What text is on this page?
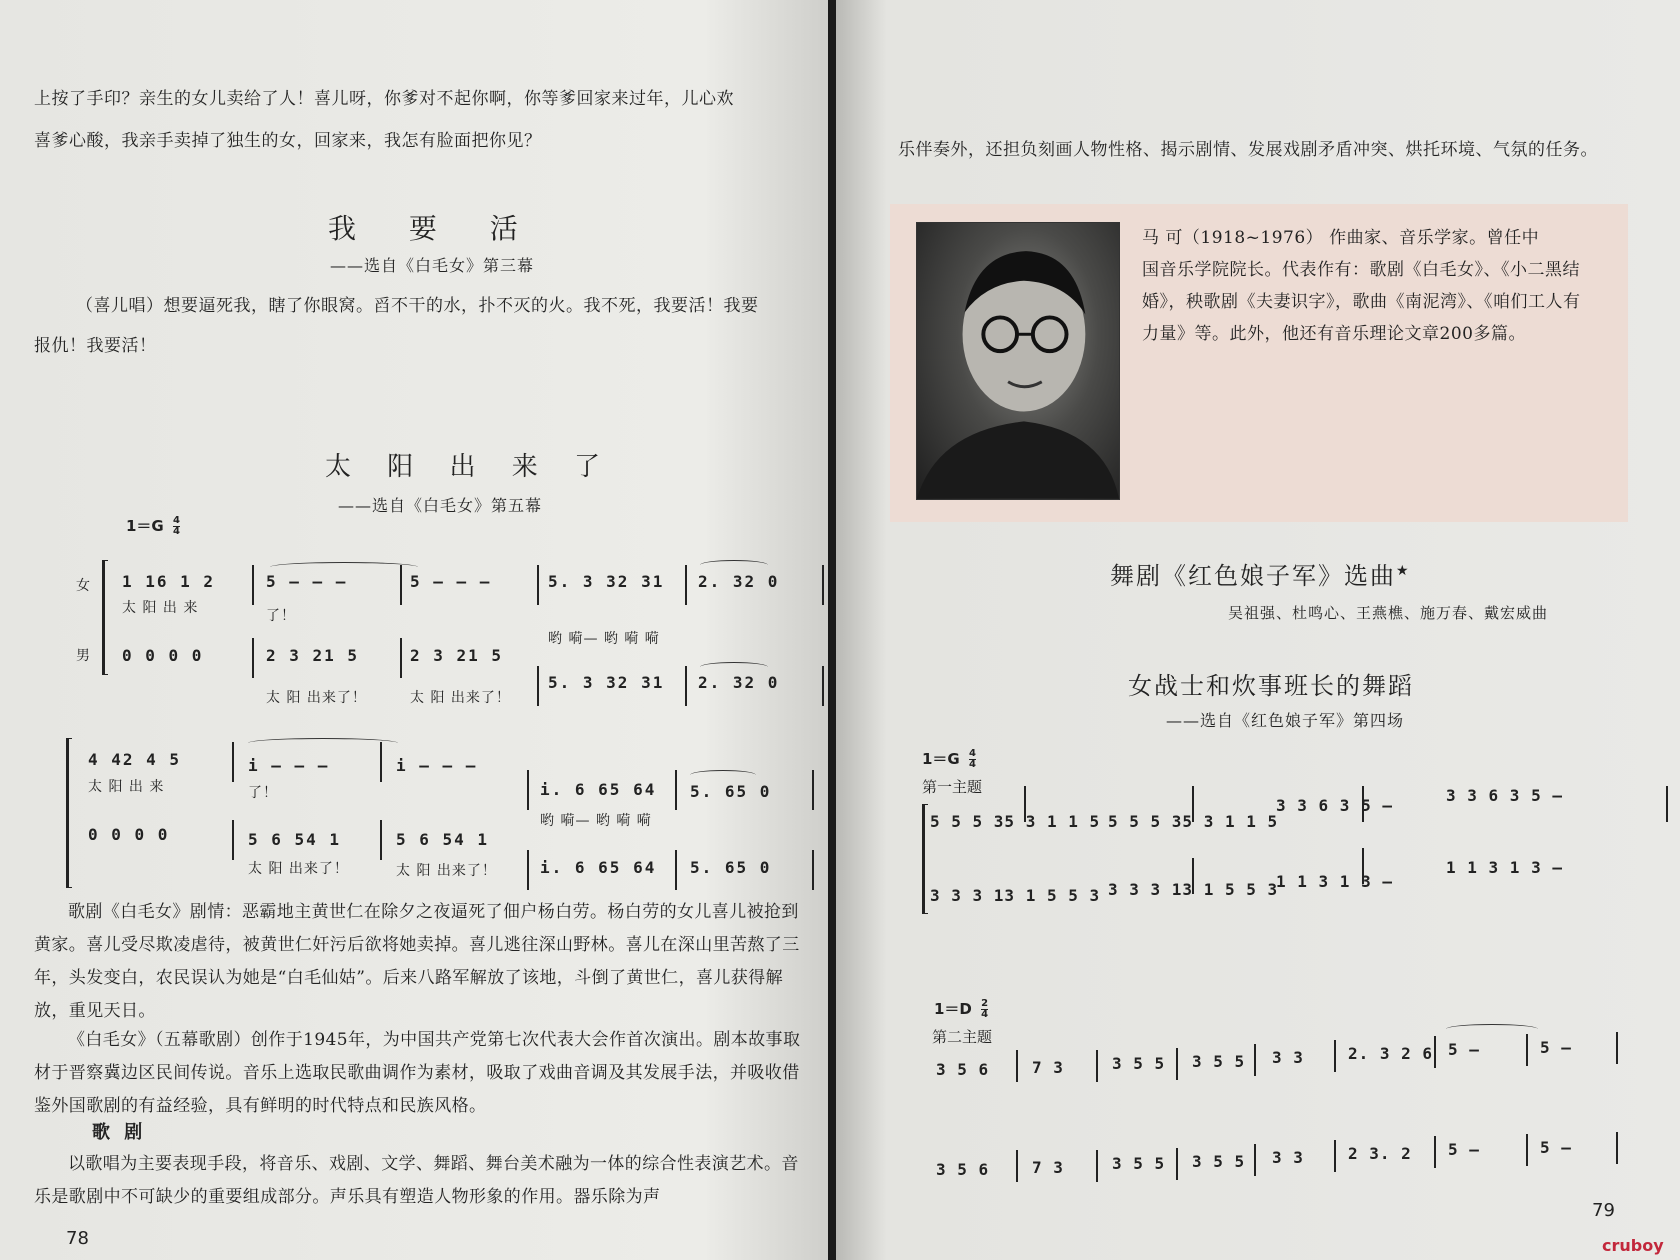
上按了手印？亲生的女儿卖给了人！喜儿呀，你爹对不起你啊，你等爹回家来过年，儿心欢
喜爹心酸，我亲手卖掉了独生的女，回家来，我怎有脸面把你见？
我 要 活
——选自《白毛女》第三幕
（喜儿唱）想要逼死我，瞎了你眼窝。舀不干的水，扑不灭的火。我不死，我要活！我要
报仇！我要活！
太 阳 出 来 了
——选自《白毛女》第五幕
$1=G \frac{4}{4}$
女
男
1 16 1 2	5 – – –	5 – – –	5. 3 32 31 2. 32 0
太 阳 出 来	了！
哟 嗬— 哟 嗬 嗬
0 0 0 0	2 3 21 5	2 3 21 5
5. 3 32 31 2. 32 0
太 阳 出来了！	太 阳 出来了！
4 42 4 5	i – – –	i – – –
i. 6 65 64 5. 65 0
太 阳 出 来	了！
哟 嗬— 哟 嗬 嗬
0 0 0 0	5 6 54 1	5 6 54 1
i. 6 65 64 5. 65 0
太 阳 出来了！	太 阳 出来了！
歌剧《白毛女》剧情：恶霸地主黄世仁在除夕之夜逼死了佃户杨白劳。杨白劳的女儿喜儿被抢到黄家。喜儿受尽欺凌虐待，被黄世仁奸污后欲将她卖掉。喜儿逃往深山野林。喜儿在深山里苦熬了三年，头发变白，农民误认为她是“白毛仙姑”。后来八路军解放了该地，斗倒了黄世仁，喜儿获得解放，重见天日。
《白毛女》（五幕歌剧）创作于1945年，为中国共产党第七次代表大会作首次演出。剧本故事取材于晋察冀边区民间传说。音乐上选取民歌曲调作为素材，吸取了戏曲音调及其发展手法，并吸收借鉴外国歌剧的有益经验，具有鲜明的时代特点和民族风格。
歌 剧
以歌唱为主要表现手段，将音乐、戏剧、文学、舞蹈、舞台美术融为一体的综合性表演艺术。音乐是歌剧中不可缺少的重要组成部分。声乐具有塑造人物形象的作用。器乐除为声
78
乐伴奏外，还担负刻画人物性格、揭示剧情、发展戏剧矛盾冲突、烘托环境、气氛的任务。
马 可（1918~1976） 作曲家、音乐学家。曾任中
国音乐学院院长。代表作有：歌剧《白毛女》、《小二黑结
婚》，秧歌剧《夫妻识字》，歌曲《南泥湾》、《咱们工人有
力量》等。此外，他还有音乐理论文章200多篇。
舞剧《红色娘子军》选曲★
吴祖强、杜鸣心、王燕樵、施万春、戴宏威曲
女战士和炊事班长的舞蹈
——选自《红色娘子军》第四场
$1=G \frac{4}{4}$
第一主题
5 5 5 35 3 1 1 5 5 5 5 35 3 1 1 5
3 3 6 3 5 –
3 3 6 3 5 –
3 3 3 13 1 5 5 3 3 3 3 13 1 5 5 3
1 1 3 1 3 –
1 1 3 1 3 –
$1=D \frac{2}{4}$
第二主题
3 5 6	7 3	3 5 5 3 5 5 3 3	2. 3 2 6 5 –	5 –
3 5 6	7 3	3 5 5 3 5 5 3 3	2 3. 2 5 –	5 –
79
cruboy
